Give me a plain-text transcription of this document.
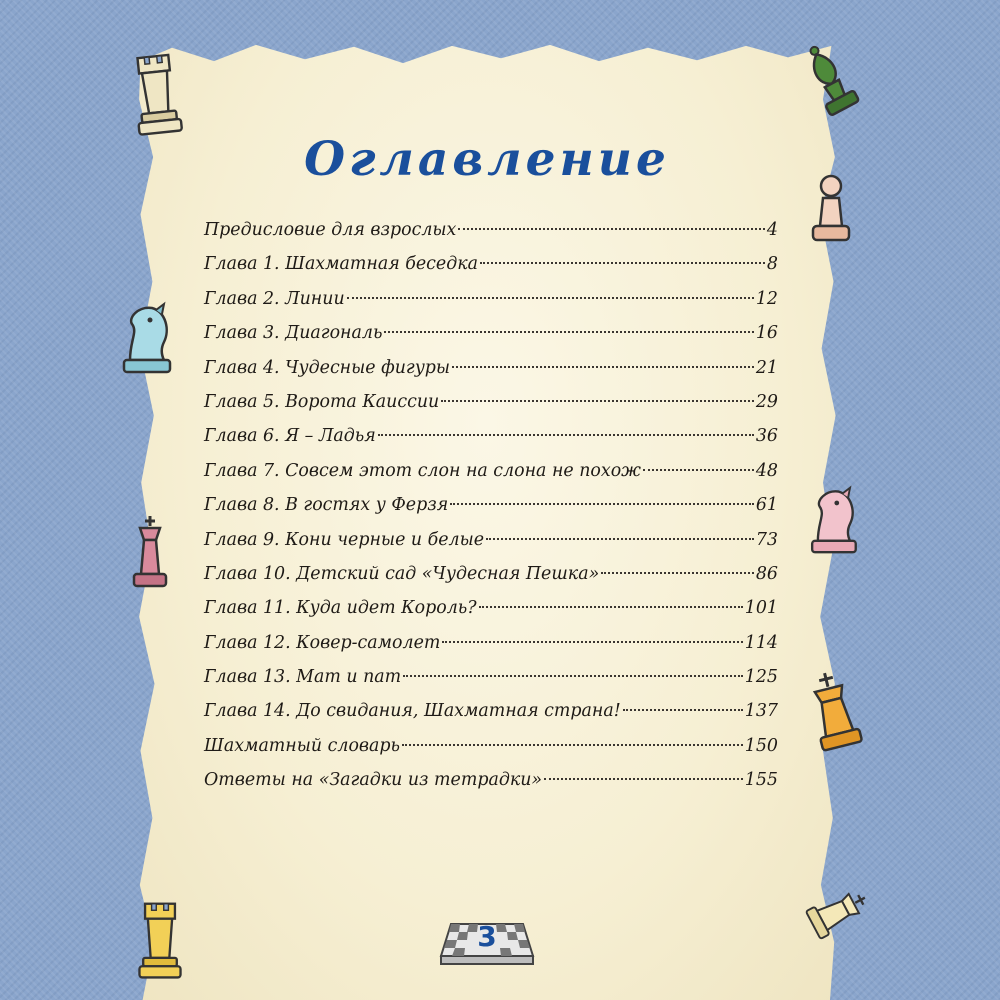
Оглавление
Предисловие для взрослых	4
Глава 1. Шахматная беседка	8
Глава 2. Линии	12
Глава 3. Диагональ	16
Глава 4. Чудесные фигуры	21
Глава 5. Ворота Каиссии	29
Глава 6. Я – Ладья	36
Глава 7. Совсем этот слон на слона не похож	48
Глава 8. В гостях у Ферзя	61
Глава 9. Кони черные и белые	73
Глава 10. Детский сад «Чудесная Пешка»	86
Глава 11. Куда идет Король?	101
Глава 12. Ковер-самолет	114
Глава 13. Мат и пат	125
Глава 14. До свидания, Шахматная страна!	137
Шахматный словарь	150
Ответы на «Загадки из тетрадки»	155
3
